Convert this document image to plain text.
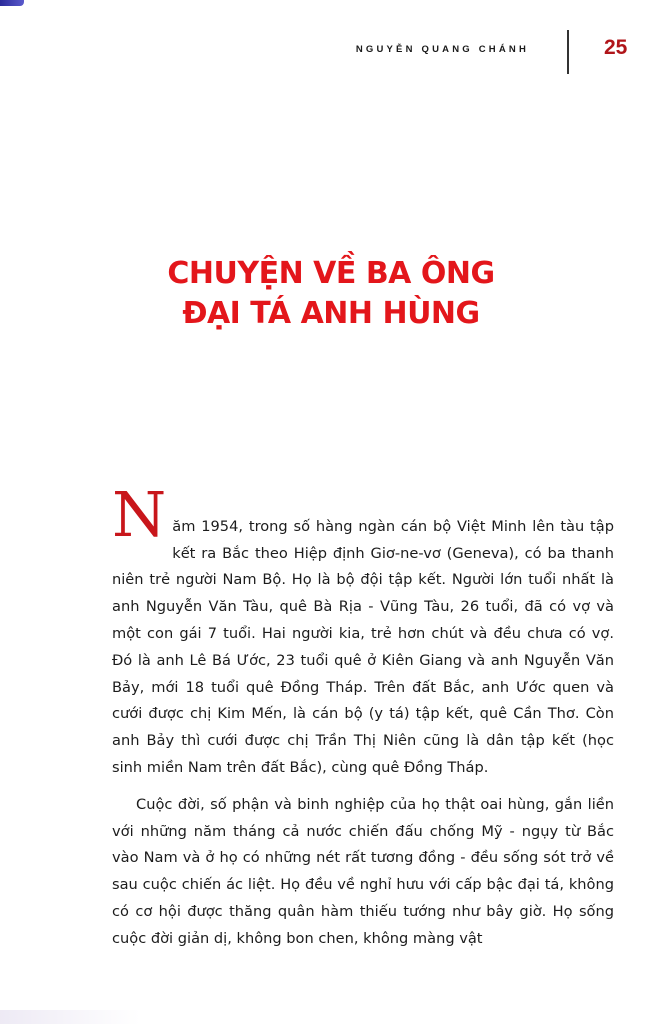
NGUYỄN QUANG CHÁNH	25
CHUYỆN VỀ BA ÔNG
ĐẠI TÁ ANH HÙNG

Năm 1954, trong số hàng ngàn cán bộ Việt Minh lên tàu tập kết ra Bắc theo Hiệp định Giơ-ne-vơ (Geneva), có ba thanh niên trẻ người Nam Bộ. Họ là bộ đội tập kết. Người lớn tuổi nhất là anh Nguyễn Văn Tàu, quê Bà Rịa - Vũng Tàu, 26 tuổi, đã có vợ và một con gái 7 tuổi. Hai người kia, trẻ hơn chút và đều chưa có vợ. Đó là anh Lê Bá Ước, 23 tuổi quê ở Kiên Giang và anh Nguyễn Văn Bảy, mới 18 tuổi quê Đồng Tháp. Trên đất Bắc, anh Ước quen và cưới được chị Kim Mến, là cán bộ (y tá) tập kết, quê Cần Thơ. Còn anh Bảy thì cưới được chị Trần Thị Niên cũng là dân tập kết (học sinh miền Nam trên đất Bắc), cùng quê Đồng Tháp.

Cuộc đời, số phận và binh nghiệp của họ thật oai hùng, gắn liền với những năm tháng cả nước chiến đấu chống Mỹ - ngụy từ Bắc vào Nam và ở họ có những nét rất tương đồng - đều sống sót trở về sau cuộc chiến ác liệt. Họ đều về nghỉ hưu với cấp bậc đại tá, không có cơ hội được thăng quân hàm thiếu tướng như bây giờ. Họ sống cuộc đời giản dị, không bon chen, không màng vật
